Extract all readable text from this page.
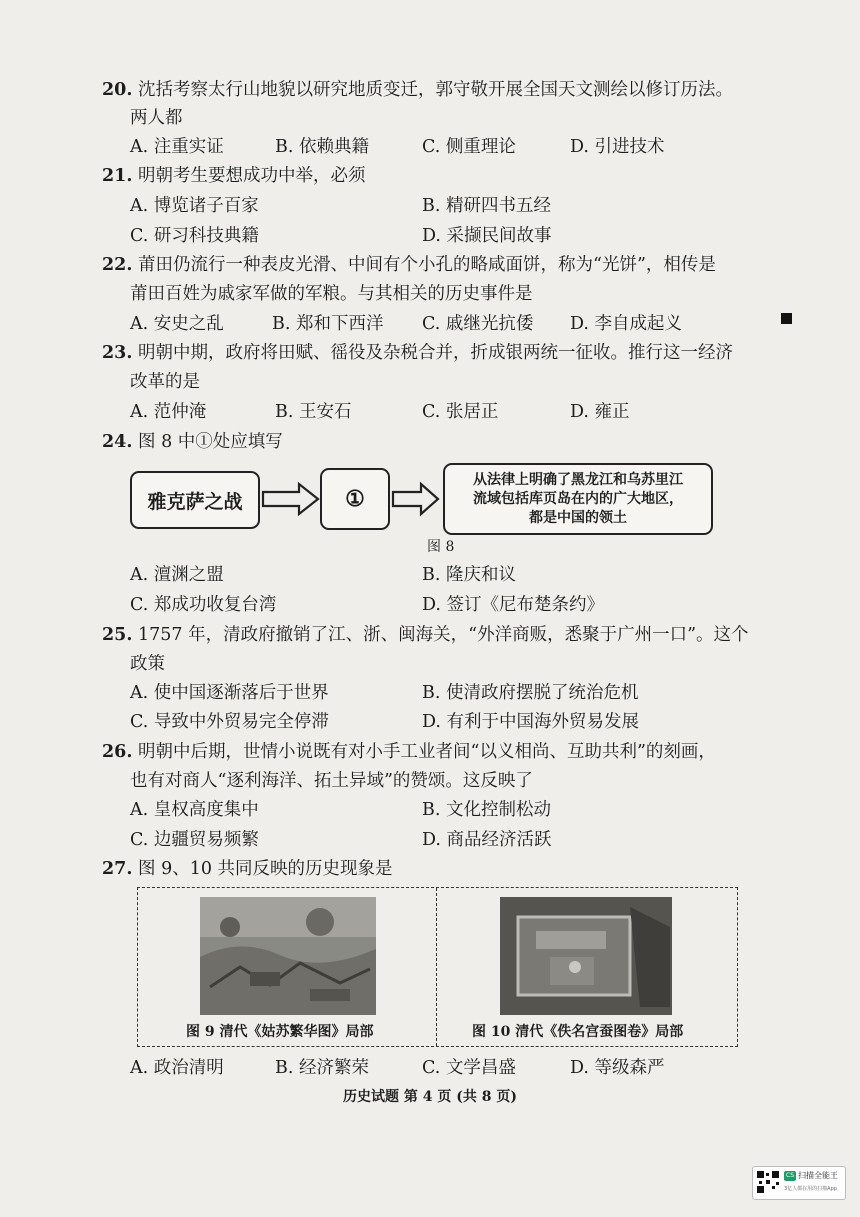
20. 沈括考察太行山地貌以研究地质变迁，郭守敬开展全国天文测绘以修订历法。
两人都
A. 注重实证	B. 依赖典籍	C. 侧重理论	D. 引进技术
21. 明朝考生要想成功中举，必须
A. 博览诸子百家	B. 精研四书五经
C. 研习科技典籍	D. 采撷民间故事
22. 莆田仍流行一种表皮光滑、中间有个小孔的略咸面饼，称为“光饼”，相传是
莆田百姓为戚家军做的军粮。与其相关的历史事件是
A. 安史之乱	B. 郑和下西洋 C. 戚继光抗倭 D. 李自成起义
23. 明朝中期，政府将田赋、徭役及杂税合并，折成银两统一征收。推行这一经济
改革的是
A. 范仲淹	B. 王安石	C. 张居正	D. 雍正
24. 图 8 中①处应填写
雅克萨之战	①
从法律上明确了黑龙江和乌苏里江
流域包括库页岛在内的广大地区，
都是中国的领土
图 8
A. 澶渊之盟	B. 隆庆和议
C. 郑成功收复台湾	D. 签订《尼布楚条约》
25. 1757 年，清政府撤销了江、浙、闽海关，“外洋商贩，悉聚于广州一口”。这个
政策
A. 使中国逐渐落后于世界	B. 使清政府摆脱了统治危机
C. 导致中外贸易完全停滞	D. 有利于中国海外贸易发展
26. 明朝中后期，世情小说既有对小手工业者间“以义相尚、互助共利”的刻画，
也有对商人“逐利海洋、拓土异域”的赞颂。这反映了
A. 皇权高度集中	B. 文化控制松动
C. 边疆贸易频繁	D. 商品经济活跃
27. 图 9、10 共同反映的历史现象是
图 9 清代《姑苏繁华图》局部	图 10 清代《佚名宫蚕图卷》局部
A. 政治清明	B. 经济繁荣	C. 文学昌盛	D. 等级森严
历史试题 第 4 页 (共 8 页)
CS 扫描全能王
3亿人都在用的扫描App
